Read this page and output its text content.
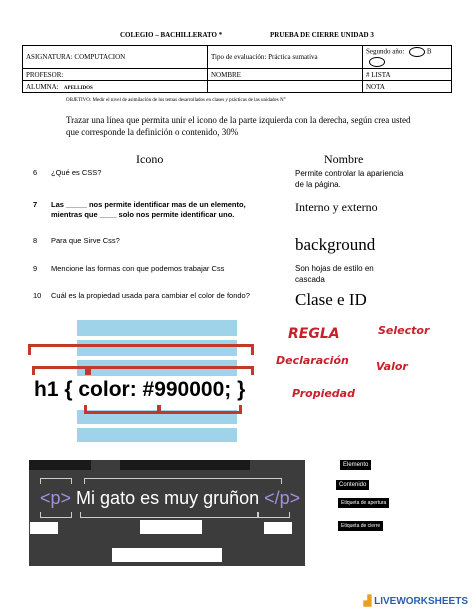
COLEGIO – BACHILLERATO *	PRUEBA DE CIERRE UNIDAD 3
ASIGNATURA: COMPUTACION	Tipo de evaluación: Práctica sumativa	Segundo año: B
PROFESOR:	NOMBRE	# LISTA
ALUMNA: APELLIDOS		NOTA
OBJETIVO: Medir el nivel de asimilación de los temas desarrollados en clases y prácticas de las unidades N°
Trazar una línea que permita unir el icono de la parte izquierda con la derecha, según crea usted que corresponde la definición o contenido, 30%
Icono	Nombre
6 ¿Qué es CSS?
7	Las _____ nos permite identificar mas de un elemento, mientras que ____ solo nos permite identificar uno.
8 Para que Sirve Css?
9 Mencione las formas con que podemos trabajar Css
10 Cuál es la propiedad usada para cambiar el color de fondo?
Permite controlar la apariencia de la página.
Interno y externo
background
Son hojas de estilo en cascada
Clase e ID
h1 { color: #990000; }
REGLA	Selector
Declaración Valor
Propiedad
<p> Mi gato es muy gruñon </p>
Elemento
Contenido
Etiqueta de apertura
Etiqueta de cierre
▟ LIVEWORKSHEETS
